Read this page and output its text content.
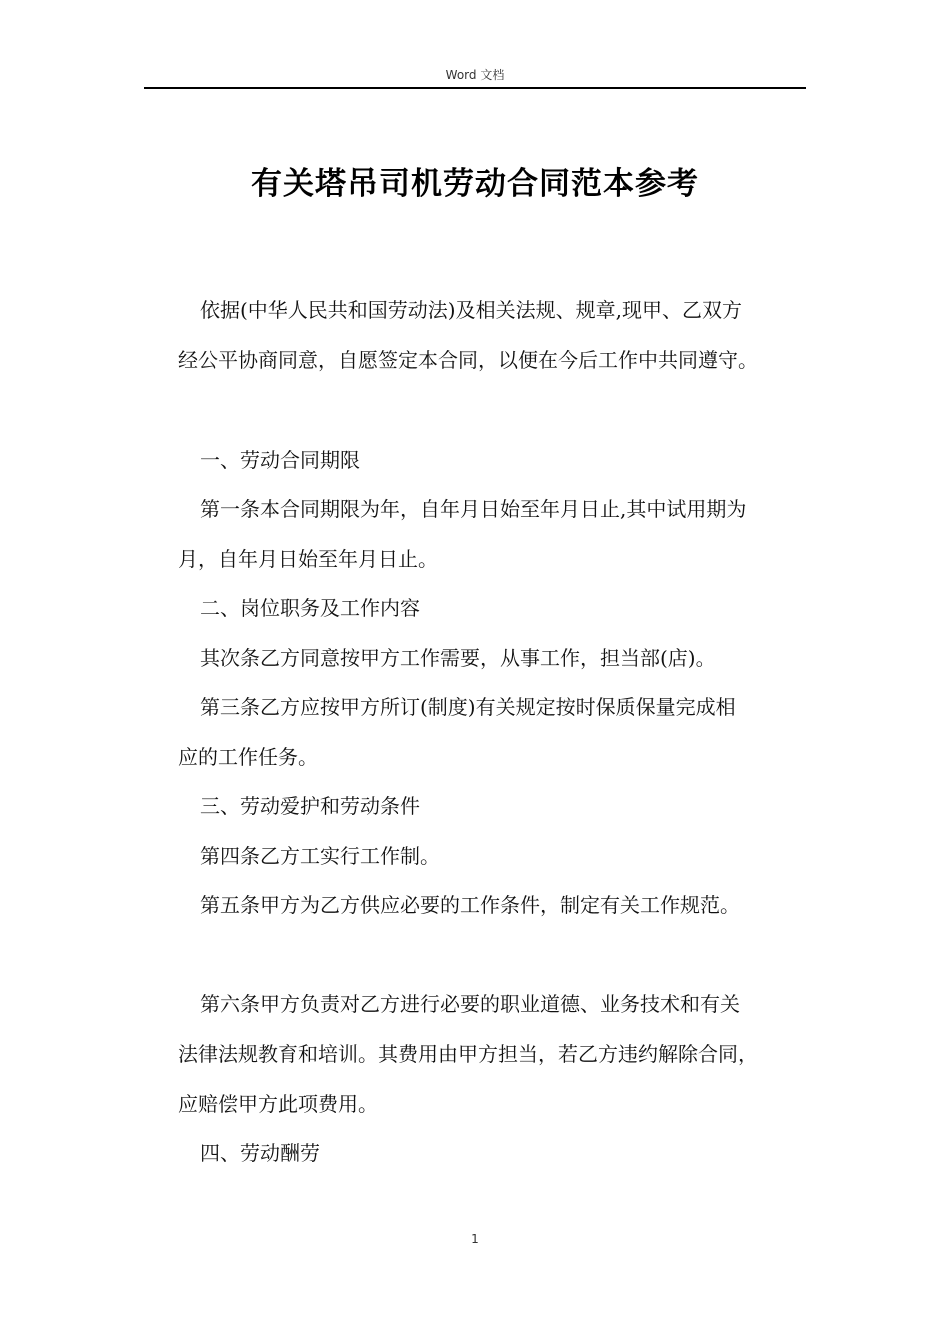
Word 文档
有关塔吊司机劳动合同范本参考
依据(中华人民共和国劳动法)及相关法规、规章,现甲、乙双方
经公平协商同意，自愿签定本合同，以便在今后工作中共同遵守。
一、劳动合同期限
第一条本合同期限为年，自年月日始至年月日止,其中试用期为
月，自年月日始至年月日止。
二、岗位职务及工作内容
其次条乙方同意按甲方工作需要，从事工作，担当部(店)。
第三条乙方应按甲方所订(制度)有关规定按时保质保量完成相
应的工作任务。
三、劳动爱护和劳动条件
第四条乙方工实行工作制。
第五条甲方为乙方供应必要的工作条件，制定有关工作规范。
第六条甲方负责对乙方进行必要的职业道德、业务技术和有关
法律法规教育和培训。其费用由甲方担当，若乙方违约解除合同，
应赔偿甲方此项费用。
四、劳动酬劳
1
